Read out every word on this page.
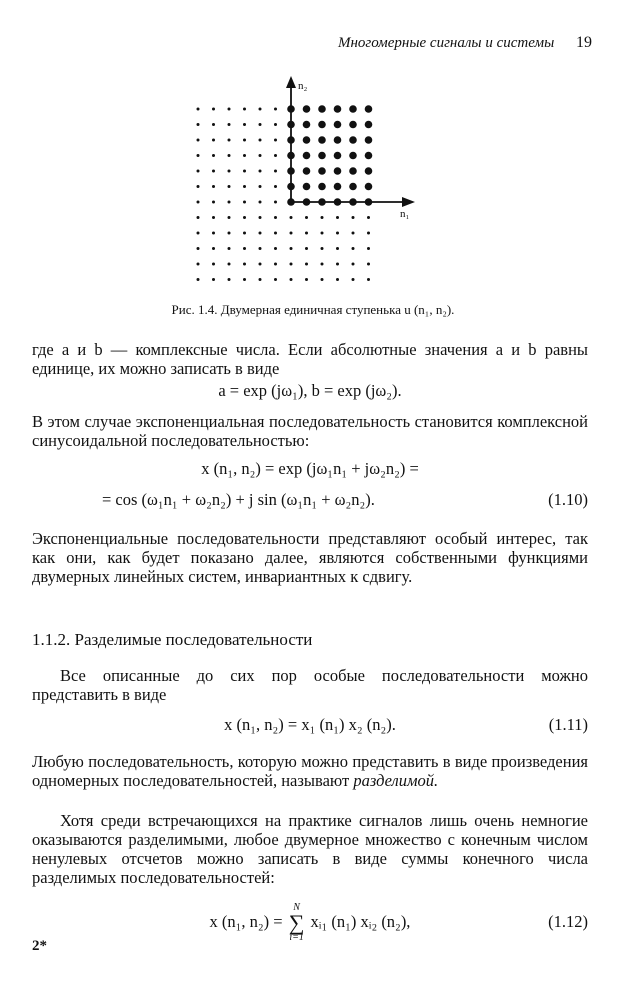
Многомерные сигналы и системы 19
n₂
n₁
Рис. 1.4. Двумерная единичная ступенька u (n₁, n₂).
где a и b — комплексные числа. Если абсолютные значения a и b равны единице, их можно записать в виде
a = exp (jω₁), b = exp (jω₂).
В этом случае экспоненциальная последовательность становится комплексной синусоидальной последовательностью:
x (n₁, n₂) = exp (jω₁n₁ + jω₂n₂) =
= cos (ω₁n₁ + ω₂n₂) + j sin (ω₁n₁ + ω₂n₂).	(1.10)
Экспоненциальные последовательности представляют особый интерес, так как они, как будет показано далее, являются собственными функциями двумерных линейных систем, инвариантных к сдвигу.
1.1.2. Разделимые последовательности
Все описанные до сих пор особые последовательности можно представить в виде
x (n₁, n₂) = x₁ (n₁) x₂ (n₂).	(1.11)
Любую последовательность, которую можно представить в виде произведения одномерных последовательностей, называют разделимой.
Хотя среди встречающихся на практике сигналов лишь очень немногие оказываются разделимыми, любое двумерное множество с конечным числом ненулевых отсчетов можно записать в виде суммы конечного числа разделимых последовательностей:
x (n₁, n₂) =
N
∑
i=1
xᵢ₁ (n₁) xᵢ₂ (n₂),	(1.12)
2*
